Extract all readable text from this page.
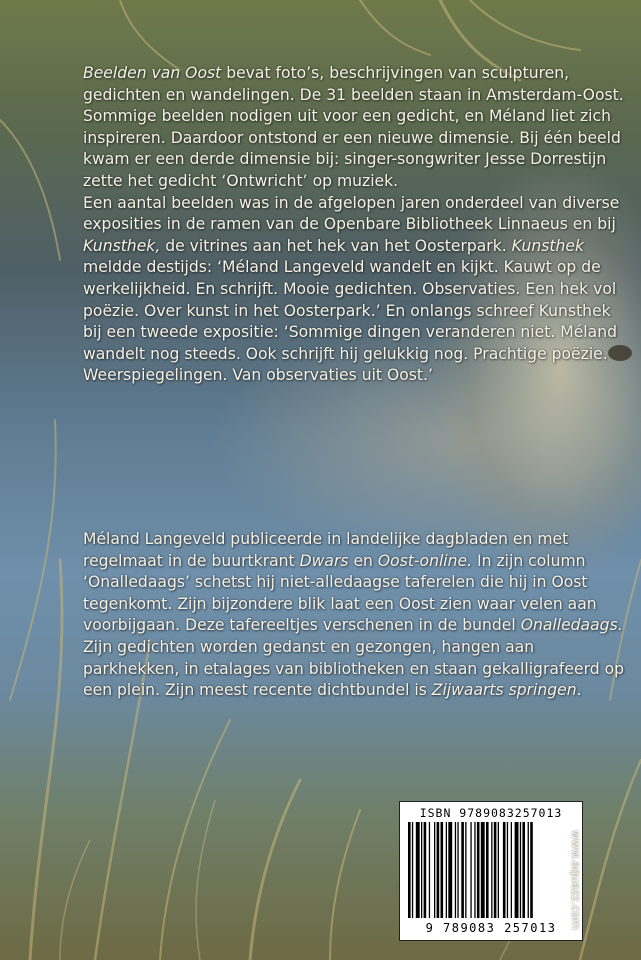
Beelden van Oost bevat foto’s, beschrijvingen van sculpturen, gedichten en wandelingen. De 31 beelden staan in Amsterdam-Oost. Sommige beelden nodigen uit voor een gedicht, en Méland liet zich inspireren. Daardoor ontstond er een nieuwe dimensie. Bij één beeld kwam er een derde dimensie bij: singer-songwriter Jesse Dorrestijn zette het gedicht ‘Ontwricht’ op muziek.

Een aantal beelden was in de afgelopen jaren onderdeel van diverse exposities in de ramen van de Openbare Bibliotheek Linnaeus en bij Kunsthek, de vitrines aan het hek van het Oosterpark. Kunsthek meldde destijds: ‘Méland Langeveld wandelt en kijkt. Kauwt op de werkelijkheid. En schrijft. Mooie gedichten. Observaties. Een hek vol poëzie. Over kunst in het Oosterpark.’ En onlangs schreef Kunsthek bij een tweede expositie: ‘Sommige dingen veranderen niet. Méland wandelt nog steeds. Ook schrijft hij gelukkig nog. Prachtige poëzie. Weerspiegelingen. Van observaties uit Oost.’

Méland Langeveld publiceerde in landelijke dagbladen en met regelmaat in de buurtkrant Dwars en Oost-online. In zijn column ‘Onalledaags’ schetst hij niet-alledaagse taferelen die hij in Oost tegenkomt. Zijn bijzondere blik laat een Oost zien waar velen aan voorbijgaan. Deze tafereeltjes verschenen in de bundel Onalledaags.

Zijn gedichten worden gedanst en gezongen, hangen aan parkhekken, in etalages van bibliotheken en staan gekalligrafeerd op een plein. Zijn meest recente dichtbundel is Zijwaarts springen.

ISBN 9789083257013
9 789083 257013	www.aquazz.com
